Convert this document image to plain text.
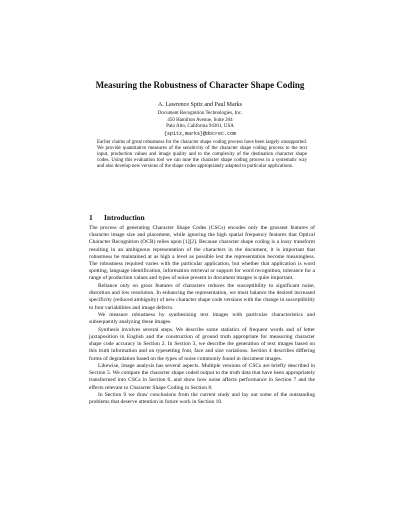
Measuring the Robustness of Character Shape Coding
A. Lawrence Spitz and Paul Marks
Document Recognition Technologies, Inc.
450 Hamilton Avenue, Suite 204
Palo Alto, California 94301, USA
{spitz,marks}@docrec.com
Earlier claims of great robustness for the character shape coding process have been largely unsupported. We provide quantitative measures of the sensitivity of the character shape coding process to the text input, production values and image quality and to the complexity of the destination character shape codes. Using this evaluation tool we can tune the character shape coding process in a systematic way and also develop new versions of the shape codes appropriately adapted to particular applications.
1 Introduction

The process of generating Character Shape Codes (CSCs) encodes only the grossest features of character image size and placement, while ignoring the high spatial frequency features that Optical Character Recognition (OCR) relies upon [1][2]. Because character shape coding is a lossy transform resulting in an ambiguous representation of the characters in the document, it is important that robustness be maintained at as high a level as possible lest the representation become meaningless. The robustness required varies with the particular application, but whether that application is word spotting, language identification, information retrieval or support for word recognition, tolerance for a range of production values and types of noise present in document images is quite important.

Reliance only on gross features of characters reduces the susceptibility to significant noise, distortion and low resolution. In enhancing the representation, we must balance the desired increased specificity (reduced ambiguity) of new character shape code versions with the change in susceptibility to font variabilities and image defects.

We measure robustness by synthesizing text images with particular characteristics and subsequently analyzing these images.

Synthesis involves several steps. We describe some statistics of frequent words and of letter juxtaposition in English and the construction of ground truth appropriate for measuring character shape code accuracy in Section 2. In Section 3, we describe the generation of text images based on this truth information and on typesetting font, face and size variations. Section 4 describes differing forms of degradation based on the types of noise commonly found in document images.

Likewise, image analysis has several aspects. Multiple versions of CSCs are briefly described in Section 5. We compare the character shape coded output to the truth data that have been appropriately transformed into CSCs in Section 6, and show how noise affects performance in Section 7 and the effects relevant to Character Shape Coding in Section 8.

In Section 9 we draw conclusions from the current study and lay out some of the outstanding problems that deserve attention in future work in Section 10.
